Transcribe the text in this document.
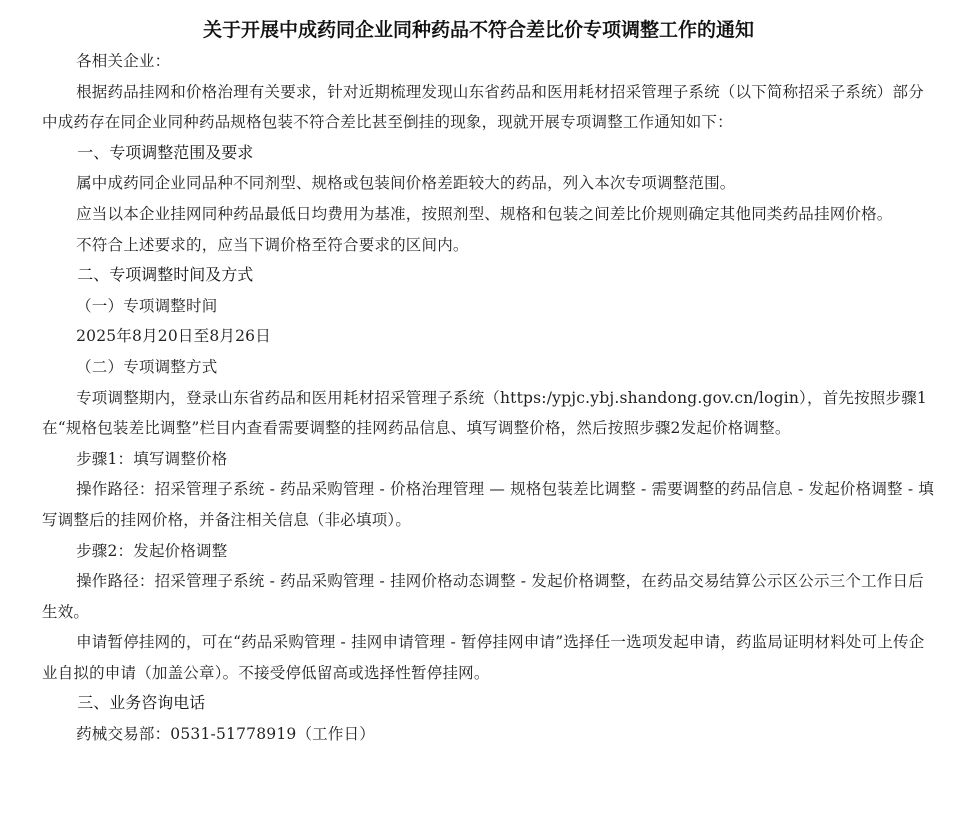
关于开展中成药同企业同种药品不符合差比价专项调整工作的通知

各相关企业：

根据药品挂网和价格治理有关要求，针对近期梳理发现山东省药品和医用耗材招采管理子系统（以下简称招采子系统）部分中成药存在同企业同种药品规格包装不符合差比甚至倒挂的现象，现就开展专项调整工作通知如下：

一、专项调整范围及要求

属中成药同企业同品种不同剂型、规格或包装间价格差距较大的药品，列入本次专项调整范围。

应当以本企业挂网同种药品最低日均费用为基准，按照剂型、规格和包装之间差比价规则确定其他同类药品挂网价格。

不符合上述要求的，应当下调价格至符合要求的区间内。

二、专项调整时间及方式

（一）专项调整时间

2025年8月20日至8月26日

（二）专项调整方式

专项调整期内，登录山东省药品和医用耗材招采管理子系统（https:/ypjc.ybj.shandong.gov.cn/login），首先按照步骤1在“规格包装差比调整”栏目内查看需要调整的挂网药品信息、填写调整价格，然后按照步骤2发起价格调整。

步骤1：填写调整价格

操作路径：招采管理子系统 - 药品采购管理 - 价格治理管理 — 规格包装差比调整 - 需要调整的药品信息 - 发起价格调整 - 填写调整后的挂网价格，并备注相关信息（非必填项）。

步骤2：发起价格调整

操作路径：招采管理子系统 - 药品采购管理 - 挂网价格动态调整 - 发起价格调整，在药品交易结算公示区公示三个工作日后生效。

申请暂停挂网的，可在“药品采购管理 - 挂网申请管理 - 暂停挂网申请”选择任一选项发起申请，药监局证明材料处可上传企业自拟的申请（加盖公章）。不接受停低留高或选择性暂停挂网。

三、业务咨询电话

药械交易部：0531-51778919（工作日）
